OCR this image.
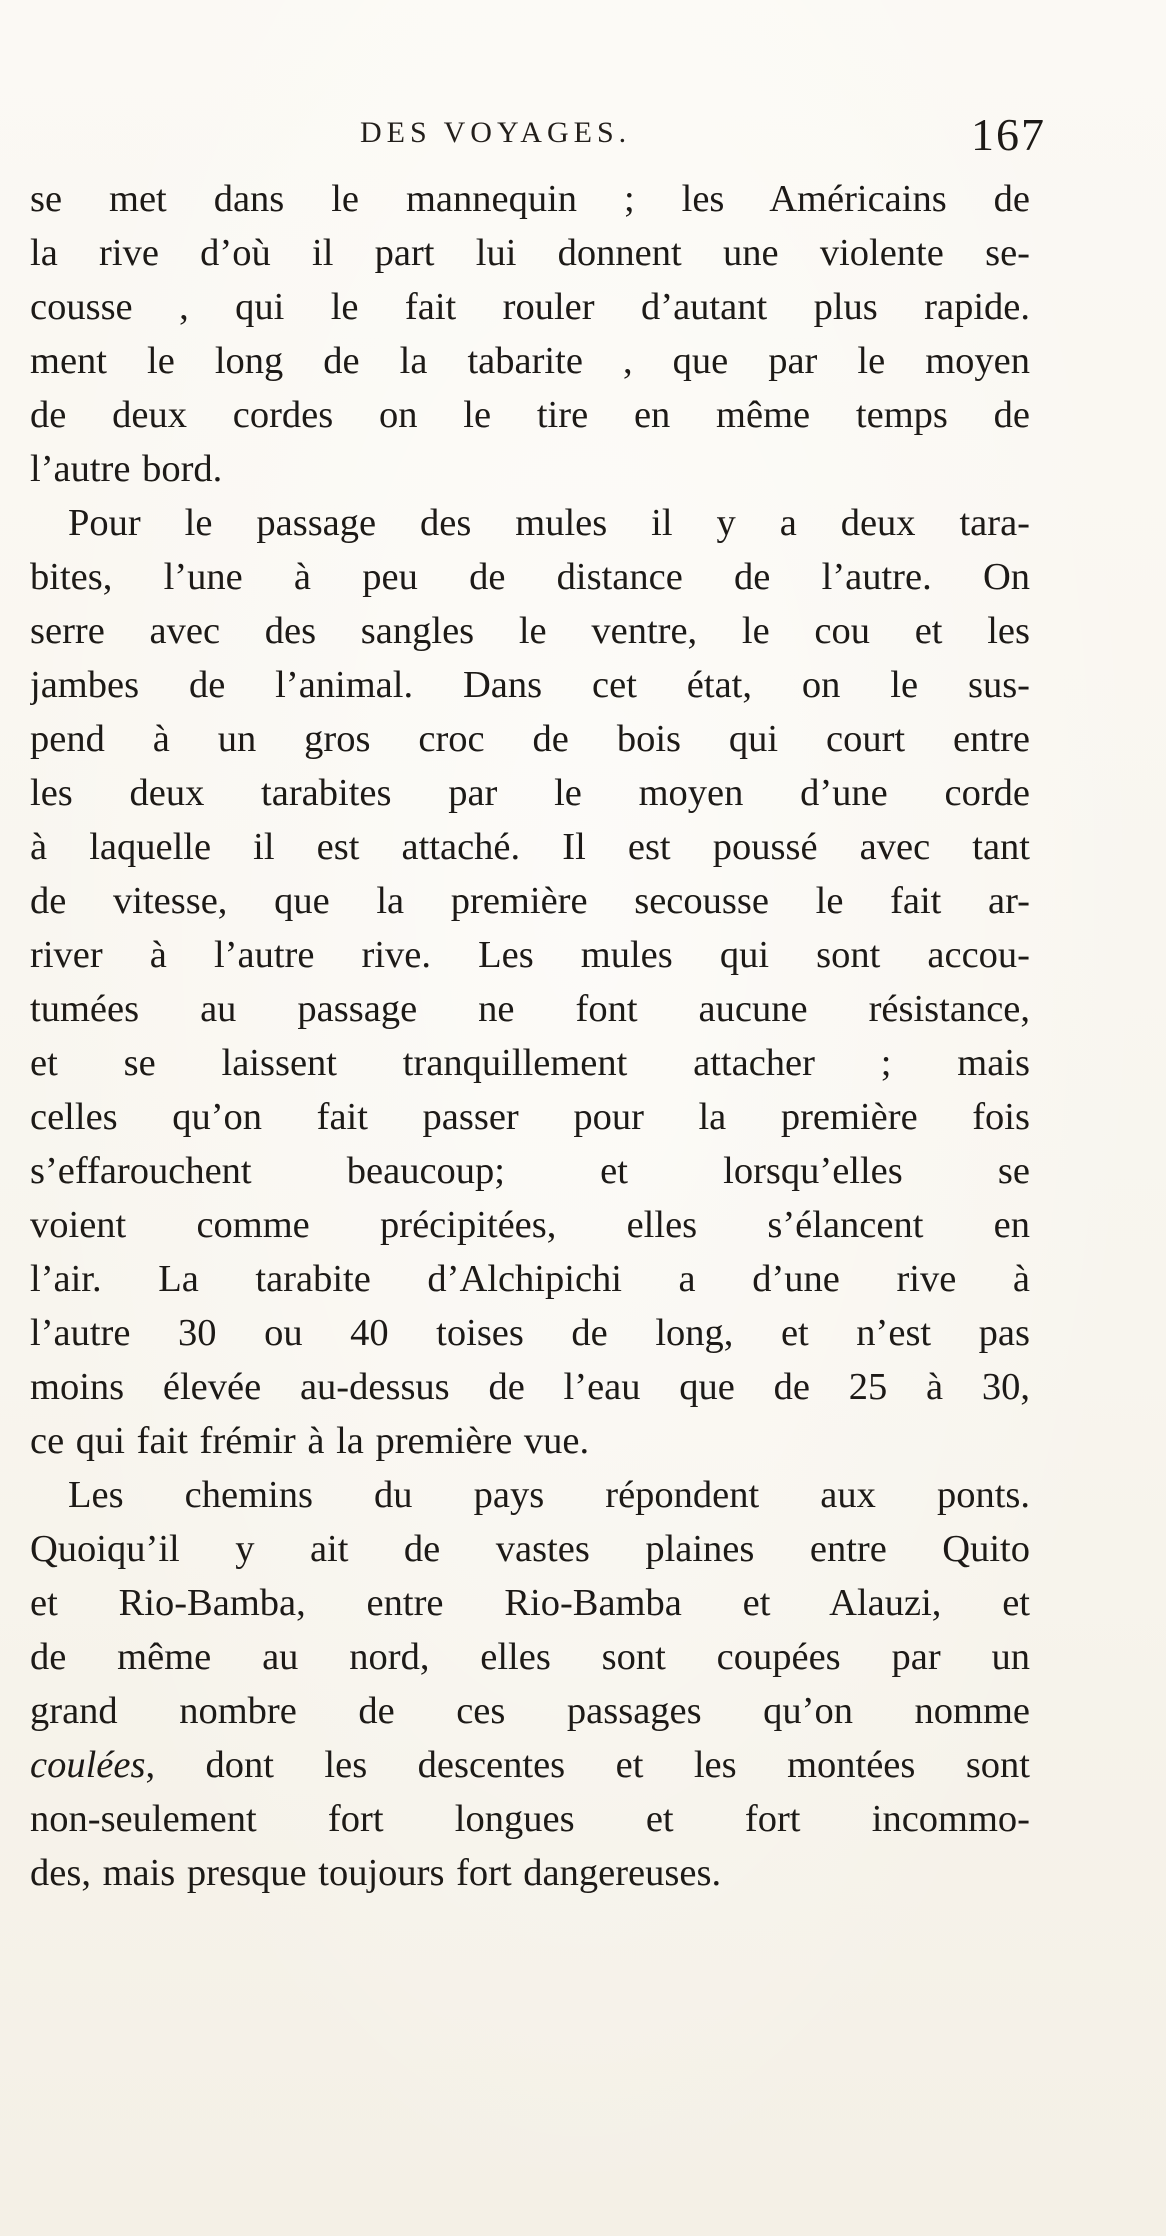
DES VOYAGES.	167
se met dans le mannequin ; les Américains de
la rive d’où il part lui donnent une violente se-
cousse , qui le fait rouler d’autant plus rapide.
ment le long de la tabarite , que par le moyen
de deux cordes on le tire en même temps de
l’autre bord.
Pour le passage des mules il y a deux tara-
bites, l’une à peu de distance de l’autre. On
serre avec des sangles le ventre, le cou et les
jambes de l’animal. Dans cet état, on le sus-
pend à un gros croc de bois qui court entre
les deux tarabites par le moyen d’une corde
à laquelle il est attaché. Il est poussé avec tant
de vitesse, que la première secousse le fait ar-
river à l’autre rive. Les mules qui sont accou-
tumées au passage ne font aucune résistance,
et se laissent tranquillement attacher ; mais
celles qu’on fait passer pour la première fois
s’effarouchent beaucoup; et lorsqu’elles se
voient comme précipitées, elles s’élancent en
l’air. La tarabite d’Alchipichi a d’une rive à
l’autre 30 ou 40 toises de long, et n’est pas
moins élevée au-dessus de l’eau que de 25 à 30,
ce qui fait frémir à la première vue.
Les chemins du pays répondent aux ponts.
Quoiqu’il y ait de vastes plaines entre Quito
et Rio-Bamba, entre Rio-Bamba et Alauzi, et
de même au nord, elles sont coupées par un
grand nombre de ces passages qu’on nomme
coulées, dont les descentes et les montées sont
non-seulement fort longues et fort incommo-
des, mais presque toujours fort dangereuses.
